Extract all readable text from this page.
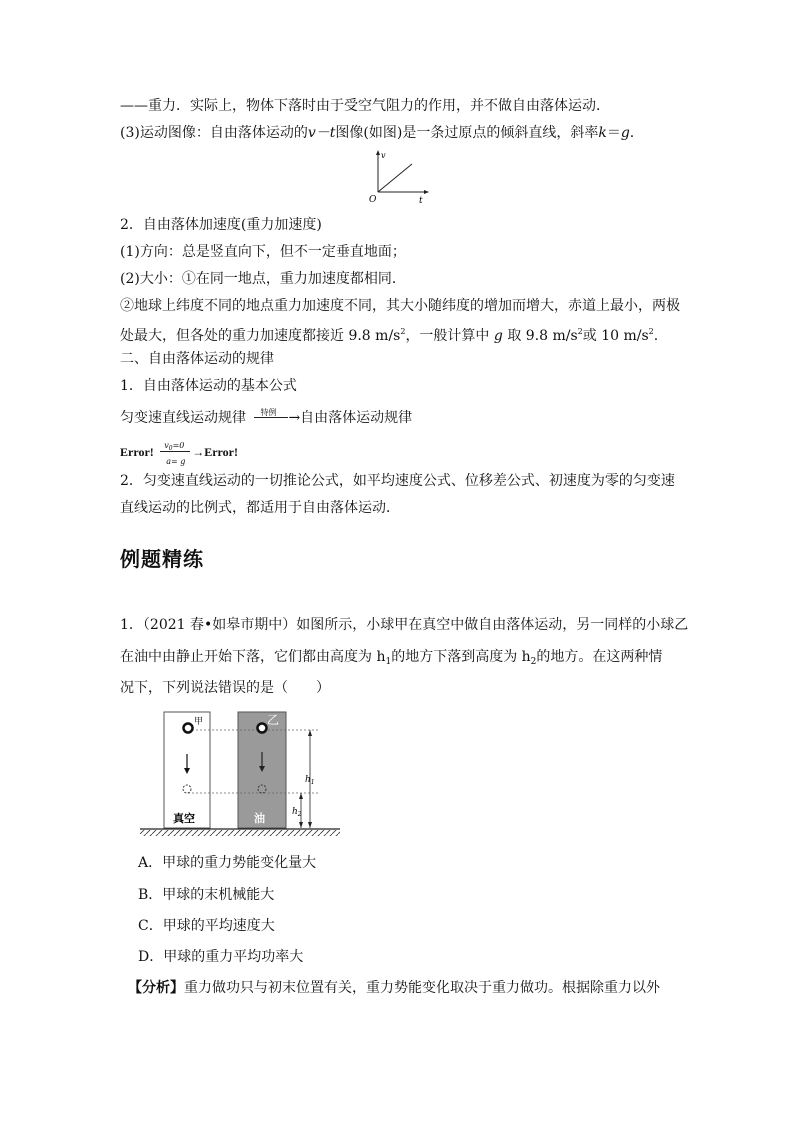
——重力．实际上，物体下落时由于受空气阻力的作用，并不做自由落体运动．
(3)运动图像：自由落体运动的v－t图像(如图)是一条过原点的倾斜直线，斜率k＝g.
v
O	t
2．自由落体加速度(重力加速度)
(1)方向：总是竖直向下，但不一定垂直地面；
(2)大小：①在同一地点，重力加速度都相同．
②地球上纬度不同的地点重力加速度不同，其大小随纬度的增加而增大，赤道上最小，两极
处最大，但各处的重力加速度都接近 9.8 $m/s^2$，一般计算中 g 取 9.8 $m/s^2$或 10 $m/s^2$.
二、自由落体运动的规律
1．自由落体运动的基本公式
匀变速直线运动规律 特例 →自由落体运动规律
Error! $v_0=0$
a= g
→Error!
2．匀变速直线运动的一切推论公式，如平均速度公式、位移差公式、初速度为零的匀变速
直线运动的比例式，都适用于自由落体运动．
例题精练
1．（2021 春•如皋市期中）如图所示，小球甲在真空中做自由落体运动，另一同样的小球乙
在油中由静止开始下落，它们都由高度为 $h_1$的地方下落到高度为 $h_2$的地方。在这两种情
况下，下列说法错误的是（　　）
甲	乙
真空	油
$h_1$
$h_2$
A．甲球的重力势能变化量大
B．甲球的末机械能大
C．甲球的平均速度大
D．甲球的重力平均功率大
【分析】重力做功只与初末位置有关，重力势能变化取决于重力做功。根据除重力以外
